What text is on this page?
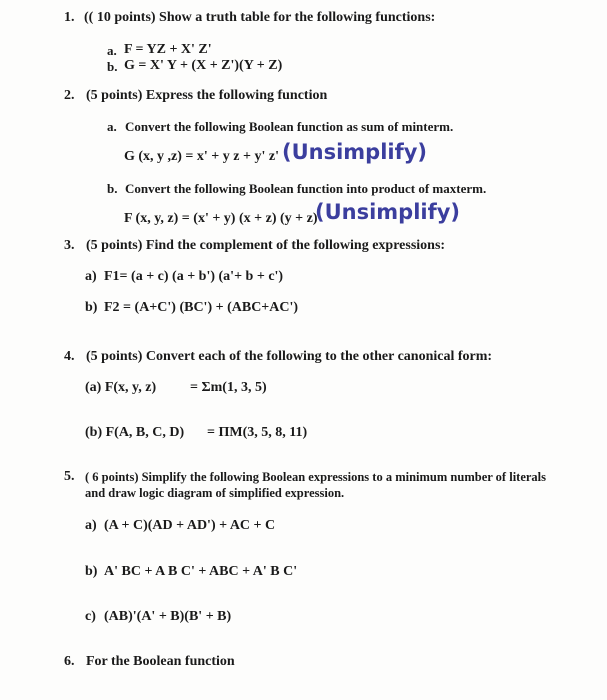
1. (( 10 points) Show a truth table for the following functions:
a. F = YZ + X' Z'
b. G = X' Y + (X + Z')(Y + Z)
2. (5 points) Express the following function
a. Convert the following Boolean function as sum of minterm.
G (x, y ,z) = x' + y z + y' z' (Unsimplify)
b. Convert the following Boolean function into product of maxterm.
F (x, y, z) = (x' + y) (x + z) (y + z)
(Unsimplify)
3. (5 points) Find the complement of the following expressions:
a) F1= (a + c) (a + b') (a'+ b + c')
b) F2 = (A+C') (BC') + (ABC+AC')
4. (5 points) Convert each of the following to the other canonical form:
(a) F(x, y, z) = Σm(1, 3, 5)
(b) F(A, B, C, D) = ΠM(3, 5, 8, 11)
5. ( 6 points) Simplify the following Boolean expressions to a minimum number of literals
and draw logic diagram of simplified expression.
a) (A + C)(AD + AD') + AC + C
b) A' BC + A B C' + ABC + A' B C'
c) (AB)'(A' + B)(B' + B)
6. For the Boolean function
